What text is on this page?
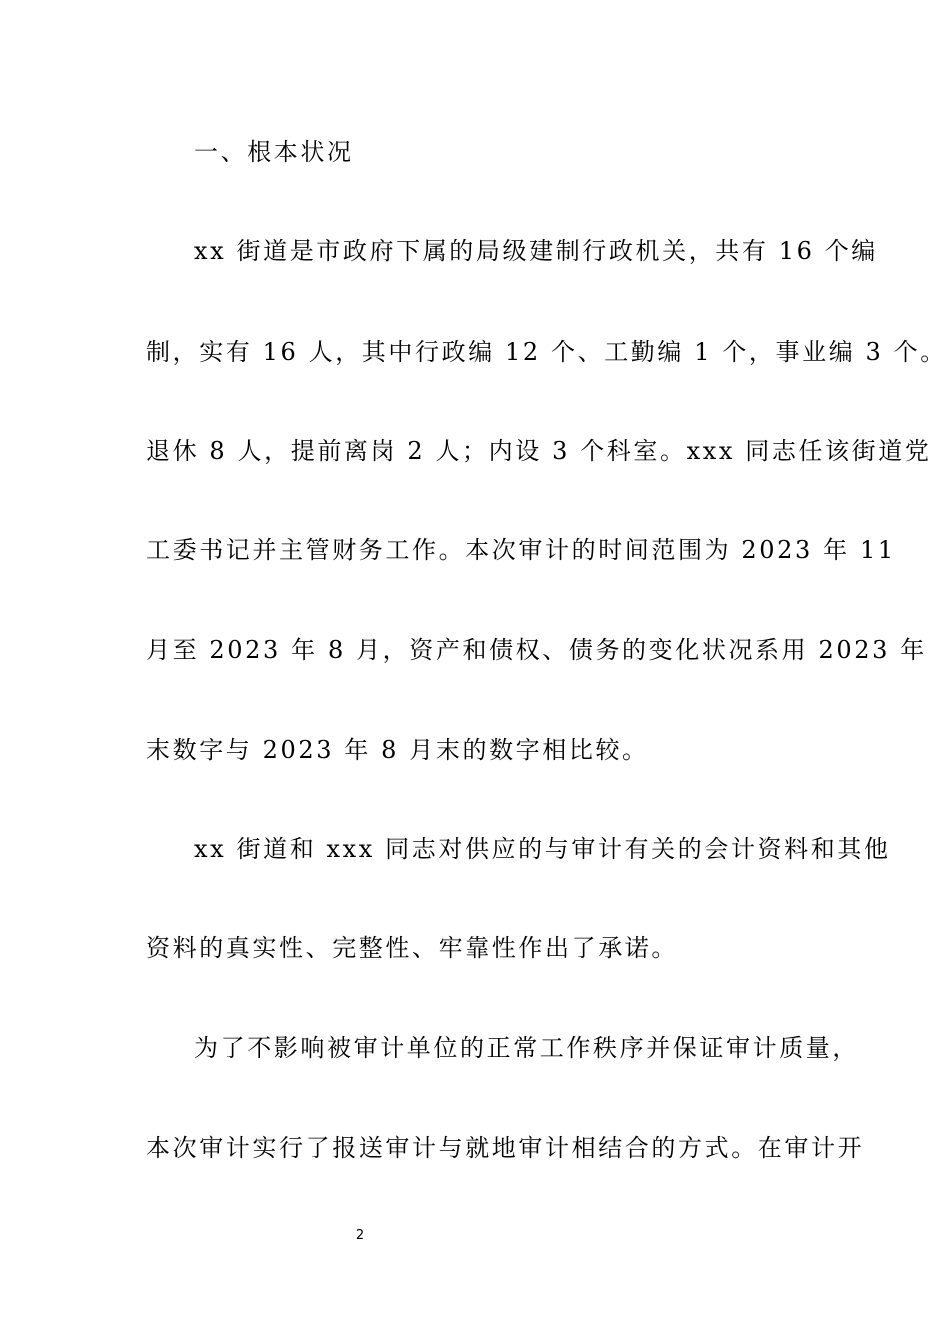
一、根本状况
xx 街道是市政府下属的局级建制行政机关，共有 16 个编
制，实有 16 人，其中行政编 12 个、工勤编 1 个，事业编 3 个。
退休 8 人，提前离岗 2 人；内设 3 个科室。xxx 同志任该街道党
工委书记并主管财务工作。本次审计的时间范围为 2023 年 11
月至 2023 年 8 月，资产和债权、债务的变化状况系用 2023 年
末数字与 2023 年 8 月末的数字相比较。
xx 街道和 xxx 同志对供应的与审计有关的会计资料和其他
资料的真实性、完整性、牢靠性作出了承诺。
为了不影响被审计单位的正常工作秩序并保证审计质量，
本次审计实行了报送审计与就地审计相结合的方式。在审计开
2
